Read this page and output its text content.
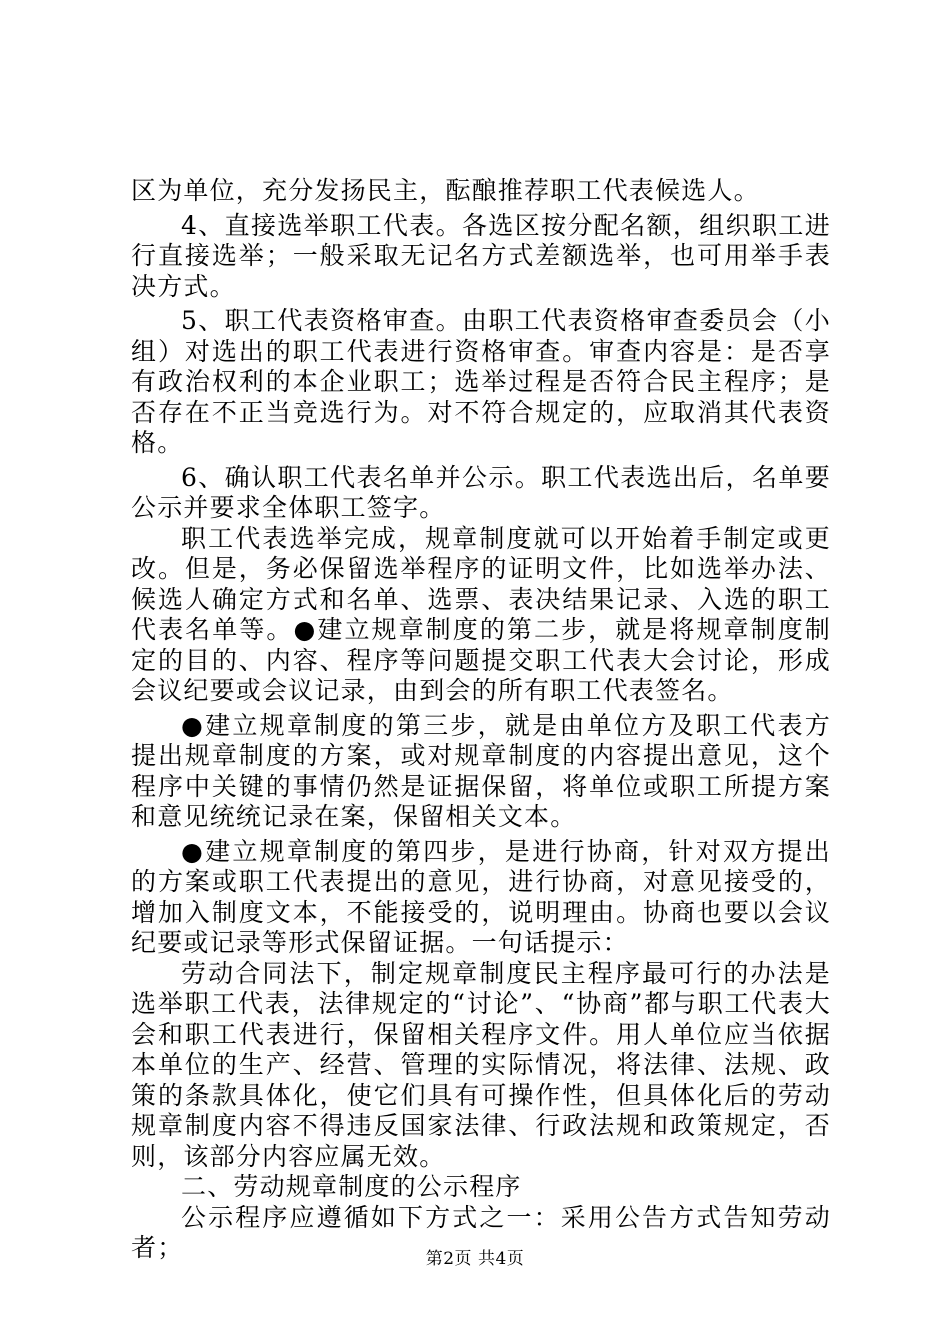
区为单位，充分发扬民主，酝酿推荐职工代表候选人。

4、直接选举职工代表。各选区按分配名额，组织职工进行直接选举；一般采取无记名方式差额选举，也可用举手表决方式。

5、职工代表资格审查。由职工代表资格审查委员会（小组）对选出的职工代表进行资格审查。审查内容是：是否享有政治权利的本企业职工；选举过程是否符合民主程序；是否存在不正当竞选行为。对不符合规定的，应取消其代表资格。

6、确认职工代表名单并公示。职工代表选出后，名单要公示并要求全体职工签字。

职工代表选举完成，规章制度就可以开始着手制定或更改。但是，务必保留选举程序的证明文件，比如选举办法、候选人确定方式和名单、选票、表决结果记录、入选的职工代表名单等。●建立规章制度的第二步，就是将规章制度制定的目的、内容、程序等问题提交职工代表大会讨论，形成会议纪要或会议记录，由到会的所有职工代表签名。

●建立规章制度的第三步，就是由单位方及职工代表方提出规章制度的方案，或对规章制度的内容提出意见，这个程序中关键的事情仍然是证据保留，将单位或职工所提方案和意见统统记录在案，保留相关文本。

●建立规章制度的第四步，是进行协商，针对双方提出的方案或职工代表提出的意见，进行协商，对意见接受的，增加入制度文本，不能接受的，说明理由。协商也要以会议纪要或记录等形式保留证据。一句话提示：

劳动合同法下，制定规章制度民主程序最可行的办法是选举职工代表，法律规定的“讨论”、“协商”都与职工代表大会和职工代表进行，保留相关程序文件。用人单位应当依据本单位的生产、经营、管理的实际情况，将法律、法规、政策的条款具体化，使它们具有可操作性，但具体化后的劳动规章制度内容不得违反国家法律、行政法规和政策规定，否则，该部分内容应属无效。

二、劳动规章制度的公示程序

公示程序应遵循如下方式之一：采用公告方式告知劳动者；	第2页 共4页
